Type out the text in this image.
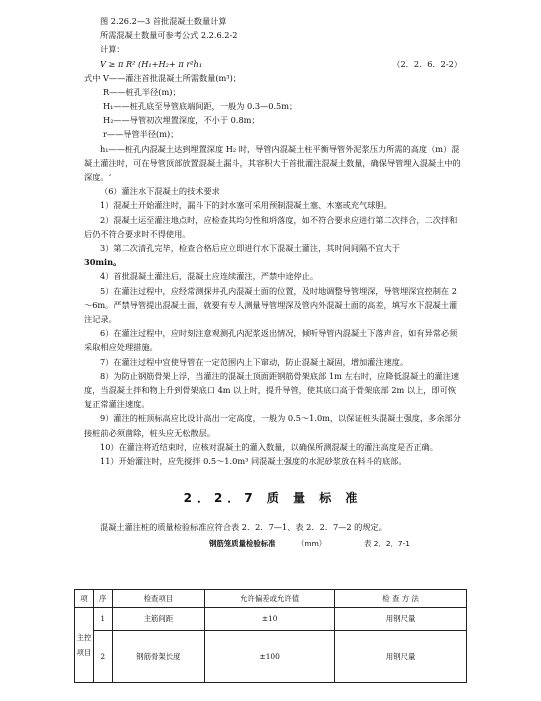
图 2.26.2—3 首批混凝土数量计算

所需混凝土数量可参考公式 2.2.6.2-2

计算：

V ≥ π R² (H₁+H₂+ π r²h₁	（2．2．6．2-2）

式中 V——灌注首批混凝土所需数量(m³)；

R——桩孔半径(m)；

H₁——桩孔底至导管底端间距，一般为 0.3—0.5m；

H₂——导管初次埋置深度，不小于 0.8m；

r——导管半径(m)；

h₁——桩孔内混凝土达到埋置深度 H₂ 时，导管内混凝土柱平衡导管外泥浆压力所需的高度（m）混凝土灌注时，可在导管顶部放置混凝土漏斗，其容积大于首批灌注混凝土数量，确保导管埋入混凝土中的深度。‘

（6）灌注水下混凝土的技术要求

1）混凝土开始灌注时，漏斗下的封水塞可采用预制混凝土塞、木塞或充气球胆。

2）混凝土运至灌注地点时，应检查其均匀性和坍落度，如不符合要求应进行第二次拌合，二次拌和后仍不符合要求时不得使用。

3）第二次清孔完毕，检查合格后应立即进行水下混凝土灌注，其时间间隔不宜大于
30min。

4）首批混凝土灌注后，混凝土应连续灌注，严禁中途停止。

5）在灌注过程中，应经常测探井孔内混凝土面的位置，及时地调整导管埋深，导管埋深宜控制在 2～6m。严禁导管提出混凝土面，就要有专人测量导管埋深及管内外混凝土面的高差，填写水下混凝土灌注记录。

6）在灌注过程中，应时刻注意观测孔内泥浆返出情况，倾听导管内混凝土下落声音，如有异常必须采取相应处理措施。

7）在灌注过程中宜使导管在一定范围内上下窜动，防止混凝土凝固，增加灌注速度。

8）为防止钢筋骨架上浮，当灌注的混凝土顶面距钢筋骨架底部 1m 左右时，应降低混凝土的灌注速度，当混凝土拌和物上升到骨架底口 4m 以上时，提升导管，使其底口高于骨架底部 2m 以上，即可恢复正常灌注速度。

9）灌注的桩顶标高应比设计高出一定高度，一般为 0.5～1.0m，以保证桩头混凝土强度，多余部分接桩前必须凿除，桩头应无松散层。

10）在灌注将近结束时，应核对混凝土的灌入数量，以确保所测混凝土的灌注高度是否正确。

11）开始灌注时，应先搅拌 0.5～1.0m³ 同混凝土强度的水泥砂浆放在料斗的底部。

2．2．7 质 量 标 准

混凝土灌注桩的质量检验标准应符合表 2．2．7—1、表 2．2．7—2 的规定。

钢筋笼质量检验标准	（mm）	表 2．2．7-1
项	序	检查项目	允许偏差或允许值	检 查 方 法
主控项目	1	主筋间距	±10	用钢尺量
	2	钢筋骨架长度	±100	用钢尺量
